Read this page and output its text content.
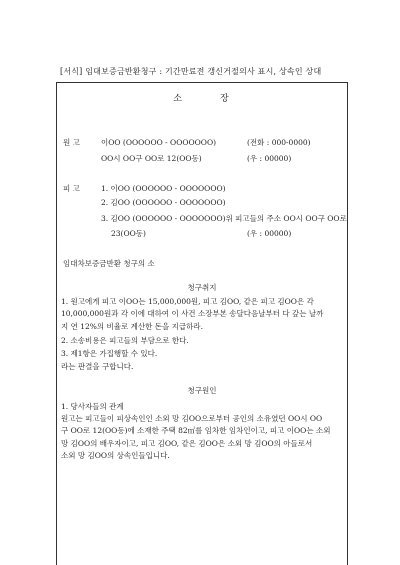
[서식] 임대보증금반환청구 : 기간만료전 갱신거절의사 표시, 상속인 상대
소	장
원 고	이OO (OOOOOO - OOOOOOO)	(전화 : 000-0000)
OO시 OO구 OO로 12(OO동)	(우 : 00000)
피 고	1. 이OO (OOOOOO - OOOOOOO)
2. 김OO (OOOOOO - OOOOOOO)
3. 김OO (OOOOOO - OOOOOOO)위 피고들의 주소 OO시 OO구 OO로
23(OO동)	(우 : 00000)
임대차보증금반환 청구의 소
청구취지
1. 원고에게 피고 이OO는 15,000,000원, 피고 김OO, 같은 피고 김OO은 각
10,000,000원과 각 이에 대하여 이 사건 소장부본 송달다음날부터 다 갚는 날까
지 연 12%의 비율로 계산한 돈을 지급하라.
2. 소송비용은 피고들의 부담으로 한다.
3. 제1항은 가집행할 수 있다.
라는 판결을 구합니다.
청구원인
1. 당사자들의 관계
원고는 피고들이 피상속인인 소외 망 김OO으로부터 공인의 소유였던 OO시 OO
구 OO로 12(OO동)에 소재한 주택 82㎡를 임차한 임차인이고, 피고 이OO는 소외
망 김OO의 배우자이고, 피고 김OO, 같은 김OO은 소외 망 김OO의 아들로서
소외 망 김OO의 상속인들입니다.
